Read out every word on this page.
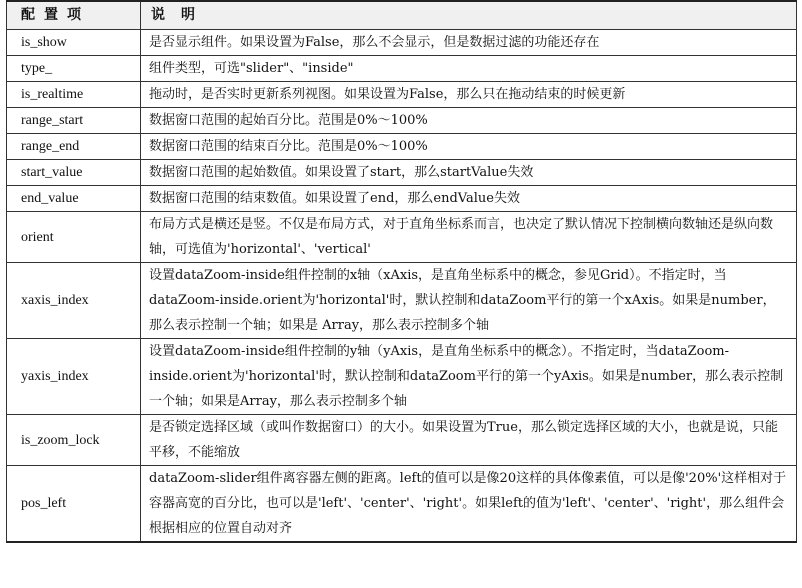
配置项	说明
is_show	是否显示组件。如果设置为False，那么不会显示，但是数据过滤的功能还存在
type_	组件类型，可选"slider"、"inside"
is_realtime	拖动时，是否实时更新系列视图。如果设置为False，那么只在拖动结束的时候更新
range_start	数据窗口范围的起始百分比。范围是0%～100%
range_end	数据窗口范围的结束百分比。范围是0%～100%
start_value	数据窗口范围的起始数值。如果设置了start，那么startValue失效
end_value	数据窗口范围的结束数值。如果设置了end，那么endValue失效
orient	布局方式是横还是竖。不仅是布局方式，对于直角坐标系而言，也决定了默认情况下控制横向数轴还是纵向数轴，可选值为'horizontal'、'vertical'
xaxis_index	设置dataZoom-inside组件控制的x轴（xAxis，是直角坐标系中的概念，参见Grid）。不指定时，当dataZoom-inside.orient为'horizontal'时，默认控制和dataZoom平行的第一个xAxis。如果是number，那么表示控制一个轴；如果是 Array，那么表示控制多个轴
yaxis_index	设置dataZoom-inside组件控制的y轴（yAxis，是直角坐标系中的概念）。不指定时，当dataZoom-inside.orient为'horizontal'时，默认控制和dataZoom平行的第一个yAxis。如果是number，那么表示控制一个轴；如果是Array，那么表示控制多个轴
is_zoom_lock	是否锁定选择区域（或叫作数据窗口）的大小。如果设置为True，那么锁定选择区域的大小，也就是说，只能平移，不能缩放
pos_left	dataZoom-slider组件离容器左侧的距离。left的值可以是像20这样的具体像素值，可以是像'20%'这样相对于容器高宽的百分比，也可以是'left'、'center'、'right'。如果left的值为'left'、'center'、'right'，那么组件会根据相应的位置自动对齐
